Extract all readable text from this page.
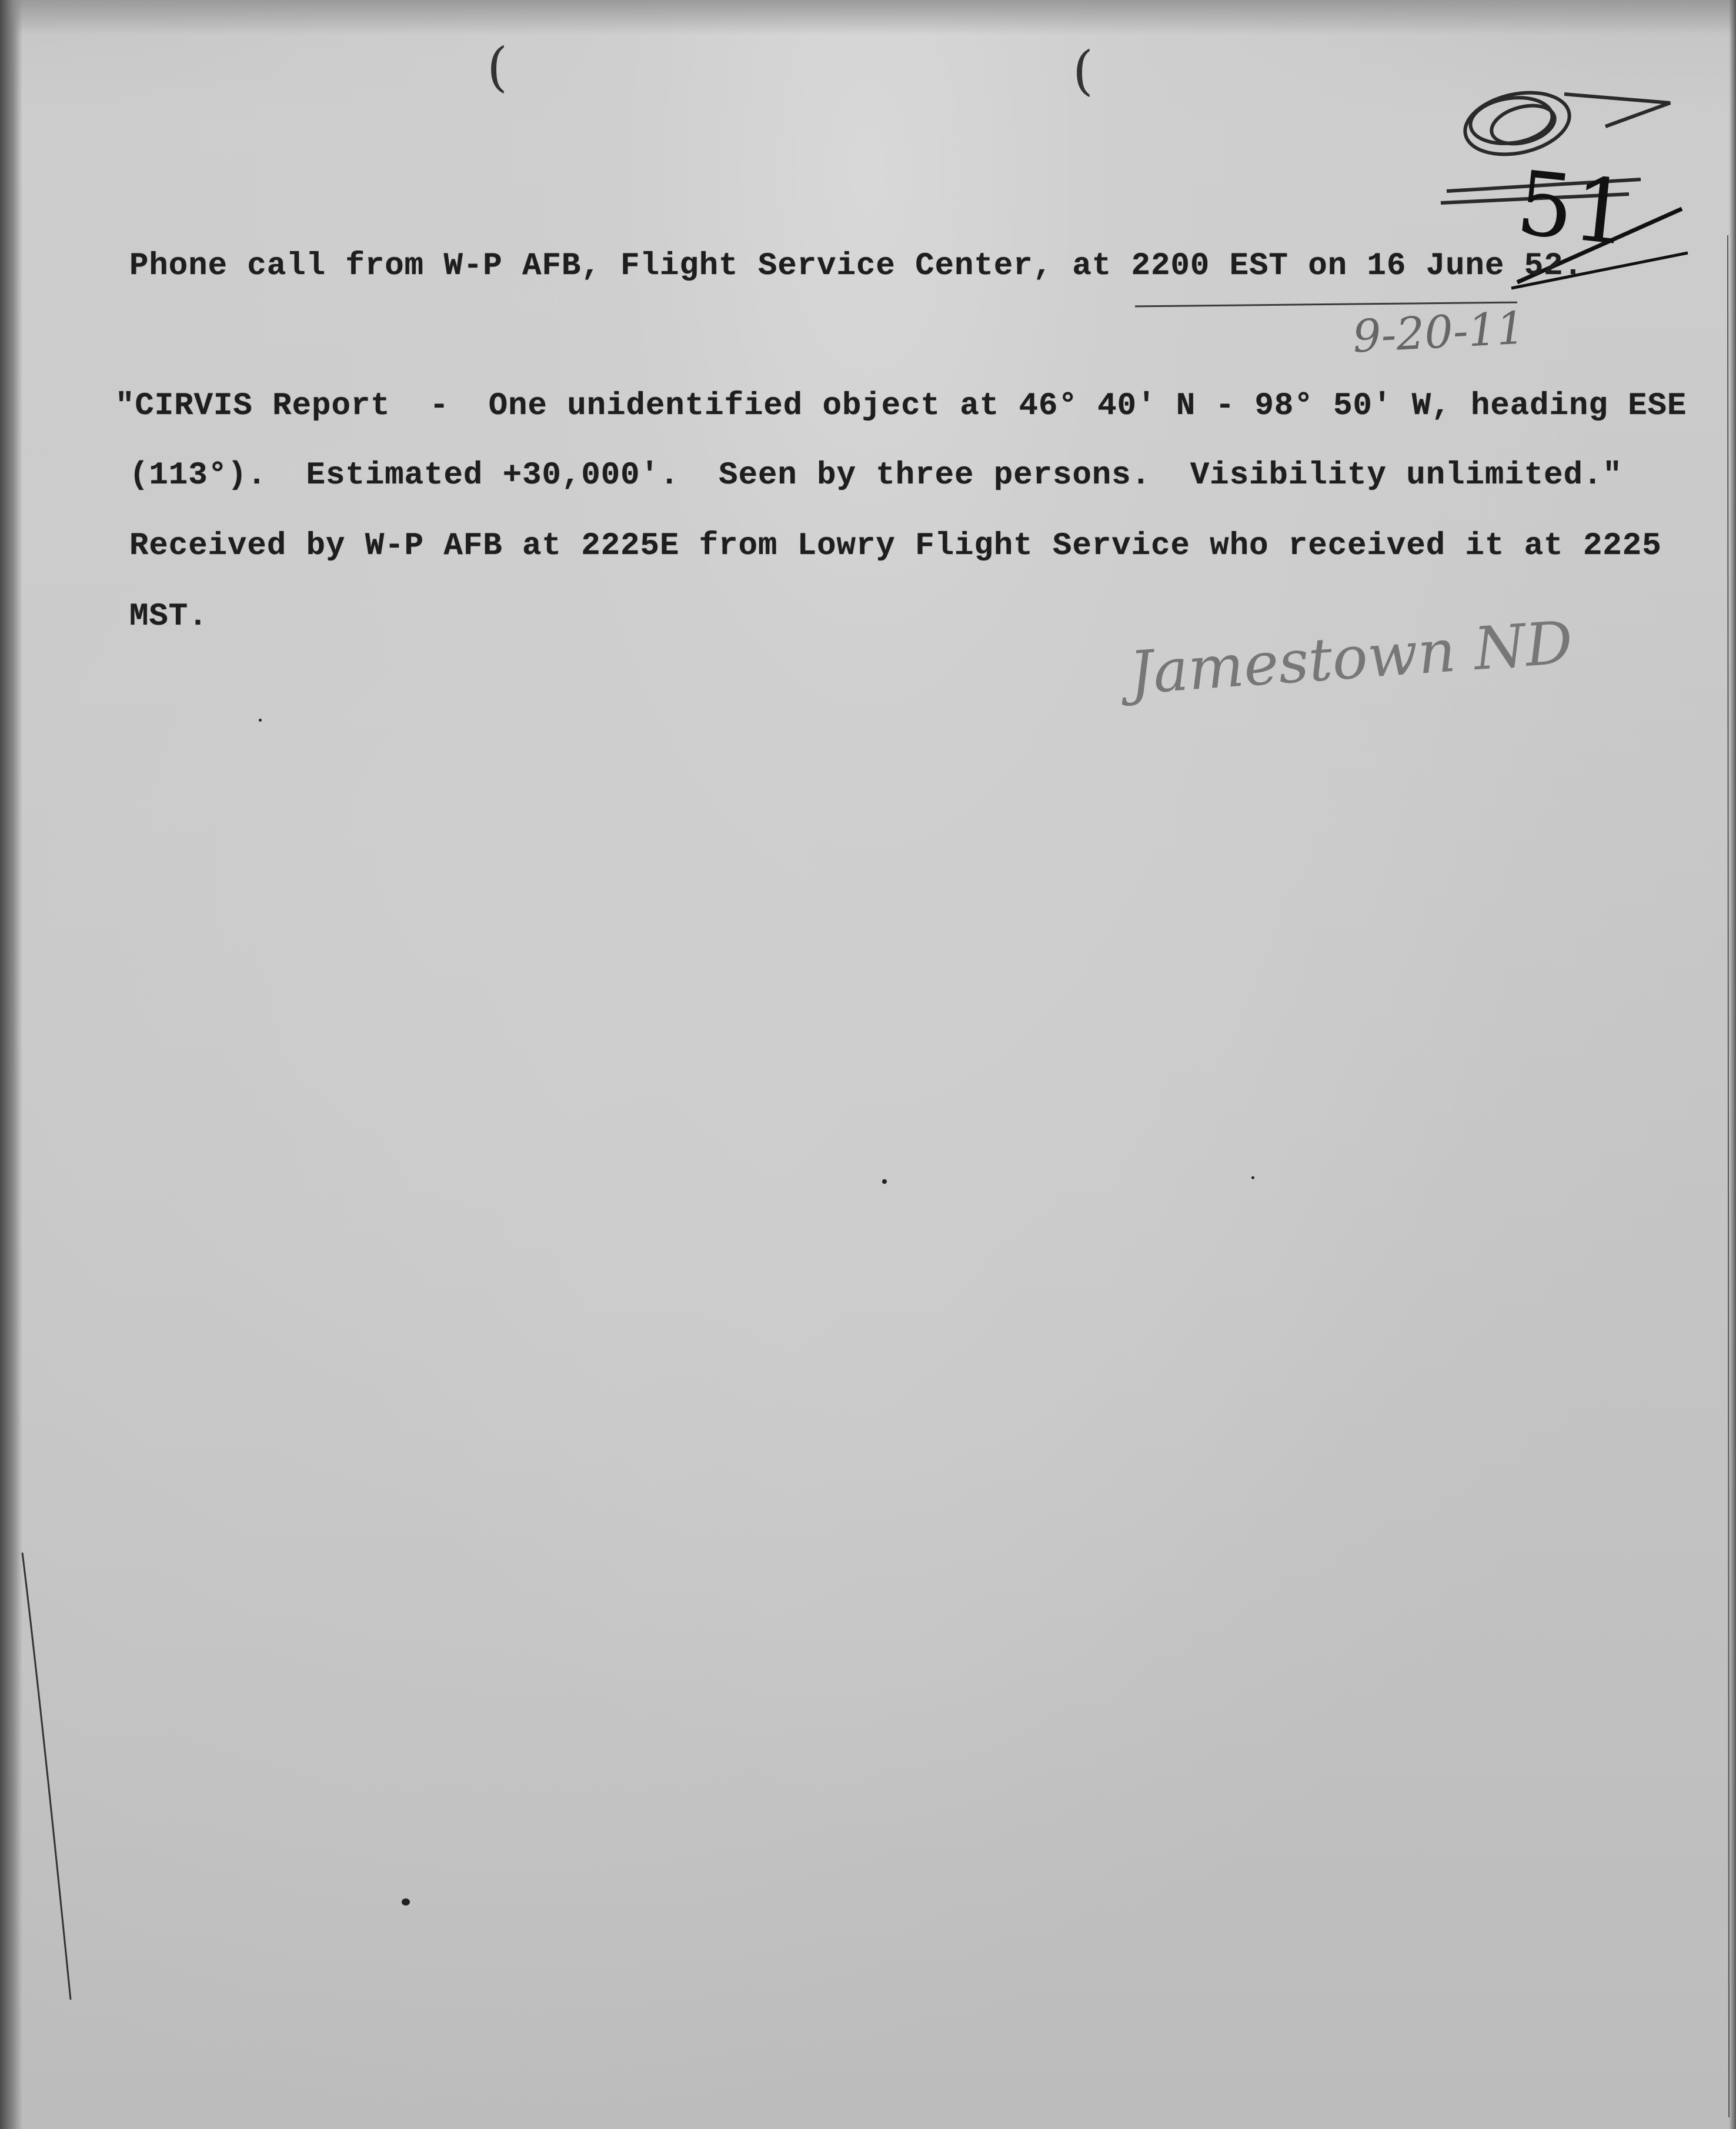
(	(
51
9-20-11
Jamestown ND
Phone call from W-P AFB, Flight Service Center, at 2200 EST on 16 June 52.
"CIRVIS Report  -  One unidentified object at 46° 40' N - 98° 50' W, heading ESE
(113°).  Estimated +30,000'.  Seen by three persons.  Visibility unlimited."
Received by W-P AFB at 2225E from Lowry Flight Service who received it at 2225
MST.
